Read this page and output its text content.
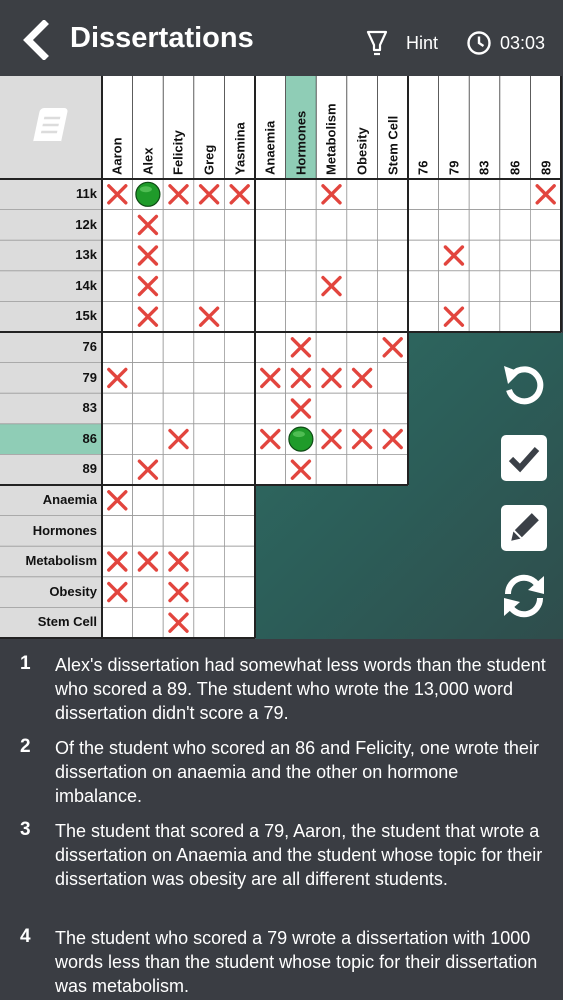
Dissertations	Hint	03:03
Aaron Alex Felicity Greg Yasmina Anaemia Hormones Metabolism Obesity Stem Cell 76 79 83 86 89
11k
12k
13k
14k
15k
76
79
83
86
89
Anaemia
Hormones
Metabolism
Obesity
Stem Cell
1 Alex's dissertation had somewhat less words than the student who scored a 89. The student who wrote the 13,000 word dissertation didn't score a 79.
2 Of the student who scored an 86 and Felicity, one wrote their dissertation on anaemia and the other on hormone imbalance.
3 The student that scored a 79, Aaron, the student that wrote a dissertation on Anaemia and the student whose topic for their dissertation was obesity are all different students.
4 The student who scored a 79 wrote a dissertation with 1000 words less than the student whose topic for their dissertation was metabolism.
